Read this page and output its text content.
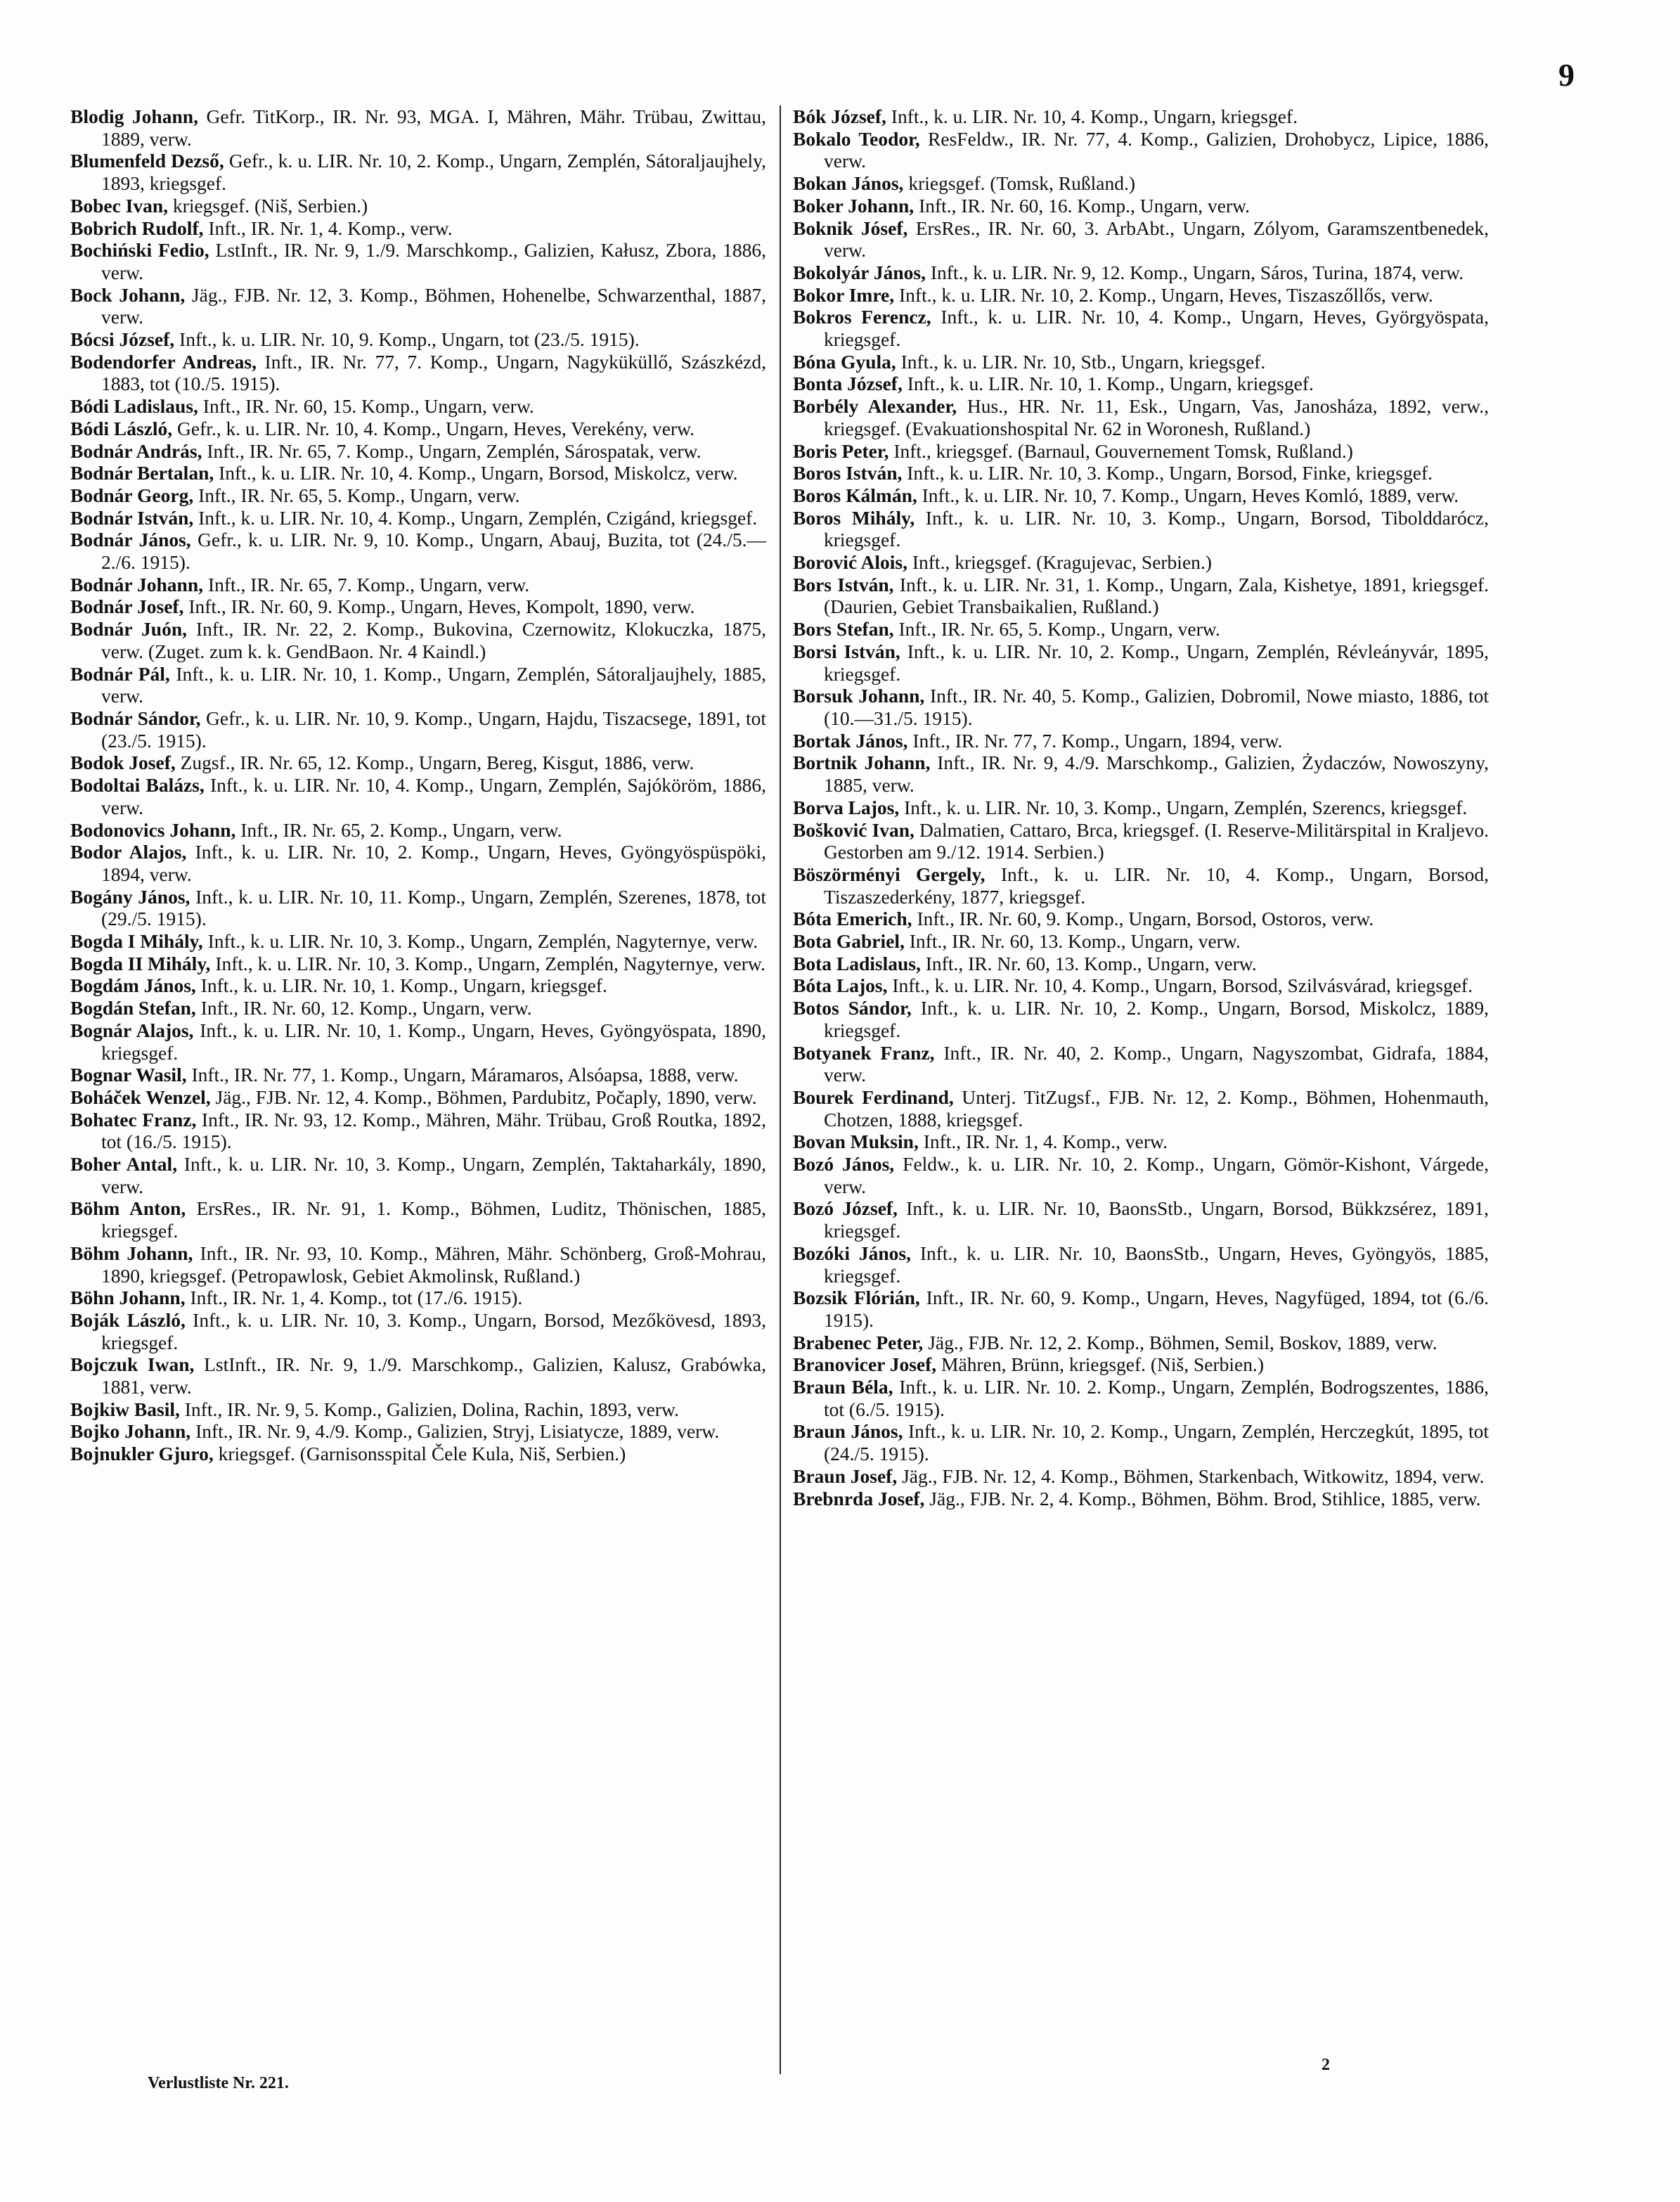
9

Blodig Johann, Gefr. TitKorp., IR. Nr. 93, MGA. I, Mähren, Mähr. Trübau, Zwittau, 1889, verw.

Blumenfeld Dezső, Gefr., k. u. LIR. Nr. 10, 2. Komp., Ungarn, Zemplén, Sátoraljaujhely, 1893, kriegsgef.

Bobec Ivan, kriegsgef. (Niš, Serbien.)

Bobrich Rudolf, Inft., IR. Nr. 1, 4. Komp., verw.

Bochiński Fedio, LstInft., IR. Nr. 9, 1./9. Marschkomp., Galizien, Kałusz, Zbora, 1886, verw.

Bock Johann, Jäg., FJB. Nr. 12, 3. Komp., Böhmen, Hohenelbe, Schwarzenthal, 1887, verw.

Bócsi József, Inft., k. u. LIR. Nr. 10, 9. Komp., Ungarn, tot (23./5. 1915).

Bodendorfer Andreas, Inft., IR. Nr. 77, 7. Komp., Ungarn, Nagyküküllő, Szászkézd, 1883, tot (10./5. 1915).

Bódi Ladislaus, Inft., IR. Nr. 60, 15. Komp., Ungarn, verw.

Bódi László, Gefr., k. u. LIR. Nr. 10, 4. Komp., Ungarn, Heves, Verekény, verw.

Bodnár András, Inft., IR. Nr. 65, 7. Komp., Ungarn, Zemplén, Sárospatak, verw.

Bodnár Bertalan, Inft., k. u. LIR. Nr. 10, 4. Komp., Ungarn, Borsod, Miskolcz, verw.

Bodnár Georg, Inft., IR. Nr. 65, 5. Komp., Ungarn, verw.

Bodnár István, Inft., k. u. LIR. Nr. 10, 4. Komp., Ungarn, Zemplén, Czigánd, kriegsgef.

Bodnár János, Gefr., k. u. LIR. Nr. 9, 10. Komp., Ungarn, Abauj, Buzita, tot (24./5.—2./6. 1915).

Bodnár Johann, Inft., IR. Nr. 65, 7. Komp., Ungarn, verw.

Bodnár Josef, Inft., IR. Nr. 60, 9. Komp., Ungarn, Heves, Kompolt, 1890, verw.

Bodnár Juón, Inft., IR. Nr. 22, 2. Komp., Bukovina, Czernowitz, Klokuczka, 1875, verw. (Zuget. zum k. k. GendBaon. Nr. 4 Kaindl.)

Bodnár Pál, Inft., k. u. LIR. Nr. 10, 1. Komp., Ungarn, Zemplén, Sátoraljaujhely, 1885, verw.

Bodnár Sándor, Gefr., k. u. LIR. Nr. 10, 9. Komp., Ungarn, Hajdu, Tiszacsege, 1891, tot (23./5. 1915).

Bodok Josef, Zugsf., IR. Nr. 65, 12. Komp., Ungarn, Bereg, Kisgut, 1886, verw.

Bodoltai Balázs, Inft., k. u. LIR. Nr. 10, 4. Komp., Ungarn, Zemplén, Sajóköröm, 1886, verw.

Bodonovics Johann, Inft., IR. Nr. 65, 2. Komp., Ungarn, verw.

Bodor Alajos, Inft., k. u. LIR. Nr. 10, 2. Komp., Ungarn, Heves, Gyöngyöspüspöki, 1894, verw.

Bogány János, Inft., k. u. LIR. Nr. 10, 11. Komp., Ungarn, Zemplén, Szerenes, 1878, tot (29./5. 1915).

Bogda I Mihály, Inft., k. u. LIR. Nr. 10, 3. Komp., Ungarn, Zemplén, Nagyternye, verw.

Bogda II Mihály, Inft., k. u. LIR. Nr. 10, 3. Komp., Ungarn, Zemplén, Nagyternye, verw.

Bogdám János, Inft., k. u. LIR. Nr. 10, 1. Komp., Ungarn, kriegsgef.

Bogdán Stefan, Inft., IR. Nr. 60, 12. Komp., Ungarn, verw.

Bognár Alajos, Inft., k. u. LIR. Nr. 10, 1. Komp., Ungarn, Heves, Gyöngyöspata, 1890, kriegsgef.

Bognar Wasil, Inft., IR. Nr. 77, 1. Komp., Ungarn, Máramaros, Alsóapsa, 1888, verw.

Boháček Wenzel, Jäg., FJB. Nr. 12, 4. Komp., Böhmen, Pardubitz, Počaply, 1890, verw.

Bohatec Franz, Inft., IR. Nr. 93, 12. Komp., Mähren, Mähr. Trübau, Groß Routka, 1892, tot (16./5. 1915).

Boher Antal, Inft., k. u. LIR. Nr. 10, 3. Komp., Ungarn, Zemplén, Taktaharkály, 1890, verw.

Böhm Anton, ErsRes., IR. Nr. 91, 1. Komp., Böhmen, Luditz, Thönischen, 1885, kriegsgef.

Böhm Johann, Inft., IR. Nr. 93, 10. Komp., Mähren, Mähr. Schönberg, Groß-Mohrau, 1890, kriegsgef. (Petropawlosk, Gebiet Akmolinsk, Rußland.)

Böhn Johann, Inft., IR. Nr. 1, 4. Komp., tot (17./6. 1915).

Boják László, Inft., k. u. LIR. Nr. 10, 3. Komp., Ungarn, Borsod, Mezőkövesd, 1893, kriegsgef.

Bojczuk Iwan, LstInft., IR. Nr. 9, 1./9. Marschkomp., Galizien, Kalusz, Grabówka, 1881, verw.

Bojkiw Basil, Inft., IR. Nr. 9, 5. Komp., Galizien, Dolina, Rachin, 1893, verw.

Bojko Johann, Inft., IR. Nr. 9, 4./9. Komp., Galizien, Stryj, Lisiatycze, 1889, verw.

Bojnukler Gjuro, kriegsgef. (Garnisonsspital Čele Kula, Niš, Serbien.)

Bók József, Inft., k. u. LIR. Nr. 10, 4. Komp., Ungarn, kriegsgef.

Bokalo Teodor, ResFeldw., IR. Nr. 77, 4. Komp., Galizien, Drohobycz, Lipice, 1886, verw.

Bokan János, kriegsgef. (Tomsk, Rußland.)

Boker Johann, Inft., IR. Nr. 60, 16. Komp., Ungarn, verw.

Boknik Jósef, ErsRes., IR. Nr. 60, 3. ArbAbt., Ungarn, Zólyom, Garamszentbenedek, verw.

Bokolyár János, Inft., k. u. LIR. Nr. 9, 12. Komp., Ungarn, Sáros, Turina, 1874, verw.

Bokor Imre, Inft., k. u. LIR. Nr. 10, 2. Komp., Ungarn, Heves, Tiszaszőllős, verw.

Bokros Ferencz, Inft., k. u. LIR. Nr. 10, 4. Komp., Ungarn, Heves, Györgyöspata, kriegsgef.

Bóna Gyula, Inft., k. u. LIR. Nr. 10, Stb., Ungarn, kriegsgef.

Bonta József, Inft., k. u. LIR. Nr. 10, 1. Komp., Ungarn, kriegsgef.

Borbély Alexander, Hus., HR. Nr. 11, Esk., Ungarn, Vas, Janosháza, 1892, verw., kriegsgef. (Evakuationshospital Nr. 62 in Woronesh, Rußland.)

Boris Peter, Inft., kriegsgef. (Barnaul, Gouvernement Tomsk, Rußland.)

Boros István, Inft., k. u. LIR. Nr. 10, 3. Komp., Ungarn, Borsod, Finke, kriegsgef.

Boros Kálmán, Inft., k. u. LIR. Nr. 10, 7. Komp., Ungarn, Heves Komló, 1889, verw.

Boros Mihály, Inft., k. u. LIR. Nr. 10, 3. Komp., Ungarn, Borsod, Tibolddarócz, kriegsgef.

Borović Alois, Inft., kriegsgef. (Kragujevac, Serbien.)

Bors István, Inft., k. u. LIR. Nr. 31, 1. Komp., Ungarn, Zala, Kishetye, 1891, kriegsgef. (Daurien, Gebiet Transbaikalien, Rußland.)

Bors Stefan, Inft., IR. Nr. 65, 5. Komp., Ungarn, verw.

Borsi István, Inft., k. u. LIR. Nr. 10, 2. Komp., Ungarn, Zemplén, Révleányvár, 1895, kriegsgef.

Borsuk Johann, Inft., IR. Nr. 40, 5. Komp., Galizien, Dobromil, Nowe miasto, 1886, tot (10.—31./5. 1915).

Bortak János, Inft., IR. Nr. 77, 7. Komp., Ungarn, 1894, verw.

Bortnik Johann, Inft., IR. Nr. 9, 4./9. Marschkomp., Galizien, Żydaczów, Nowoszyny, 1885, verw.

Borva Lajos, Inft., k. u. LIR. Nr. 10, 3. Komp., Ungarn, Zemplén, Szerencs, kriegsgef.

Bošković Ivan, Dalmatien, Cattaro, Brca, kriegsgef. (I. Reserve-Militärspital in Kraljevo. Gestorben am 9./12. 1914. Serbien.)

Böszörményi Gergely, Inft., k. u. LIR. Nr. 10, 4. Komp., Ungarn, Borsod, Tiszaszederkény, 1877, kriegsgef.

Bóta Emerich, Inft., IR. Nr. 60, 9. Komp., Ungarn, Borsod, Ostoros, verw.

Bota Gabriel, Inft., IR. Nr. 60, 13. Komp., Ungarn, verw.

Bota Ladislaus, Inft., IR. Nr. 60, 13. Komp., Ungarn, verw.

Bóta Lajos, Inft., k. u. LIR. Nr. 10, 4. Komp., Ungarn, Borsod, Szilvásvárad, kriegsgef.

Botos Sándor, Inft., k. u. LIR. Nr. 10, 2. Komp., Ungarn, Borsod, Miskolcz, 1889, kriegsgef.

Botyanek Franz, Inft., IR. Nr. 40, 2. Komp., Ungarn, Nagyszombat, Gidrafa, 1884, verw.

Bourek Ferdinand, Unterj. TitZugsf., FJB. Nr. 12, 2. Komp., Böhmen, Hohenmauth, Chotzen, 1888, kriegsgef.

Bovan Muksin, Inft., IR. Nr. 1, 4. Komp., verw.

Bozó János, Feldw., k. u. LIR. Nr. 10, 2. Komp., Ungarn, Gömör-Kishont, Várgede, verw.

Bozó József, Inft., k. u. LIR. Nr. 10, BaonsStb., Ungarn, Borsod, Bükkzsérez, 1891, kriegsgef.

Bozóki János, Inft., k. u. LIR. Nr. 10, BaonsStb., Ungarn, Heves, Gyöngyös, 1885, kriegsgef.

Bozsik Flórián, Inft., IR. Nr. 60, 9. Komp., Ungarn, Heves, Nagyfüged, 1894, tot (6./6. 1915).

Brabenec Peter, Jäg., FJB. Nr. 12, 2. Komp., Böhmen, Semil, Boskov, 1889, verw.

Branovicer Josef, Mähren, Brünn, kriegsgef. (Niš, Serbien.)

Braun Béla, Inft., k. u. LIR. Nr. 10. 2. Komp., Ungarn, Zemplén, Bodrogszentes, 1886, tot (6./5. 1915).

Braun János, Inft., k. u. LIR. Nr. 10, 2. Komp., Ungarn, Zemplén, Herczegkút, 1895, tot (24./5. 1915).

Braun Josef, Jäg., FJB. Nr. 12, 4. Komp., Böhmen, Starkenbach, Witkowitz, 1894, verw.

Brebnrda Josef, Jäg., FJB. Nr. 2, 4. Komp., Böhmen, Böhm. Brod, Stihlice, 1885, verw.

Verlustliste Nr. 221.
2
